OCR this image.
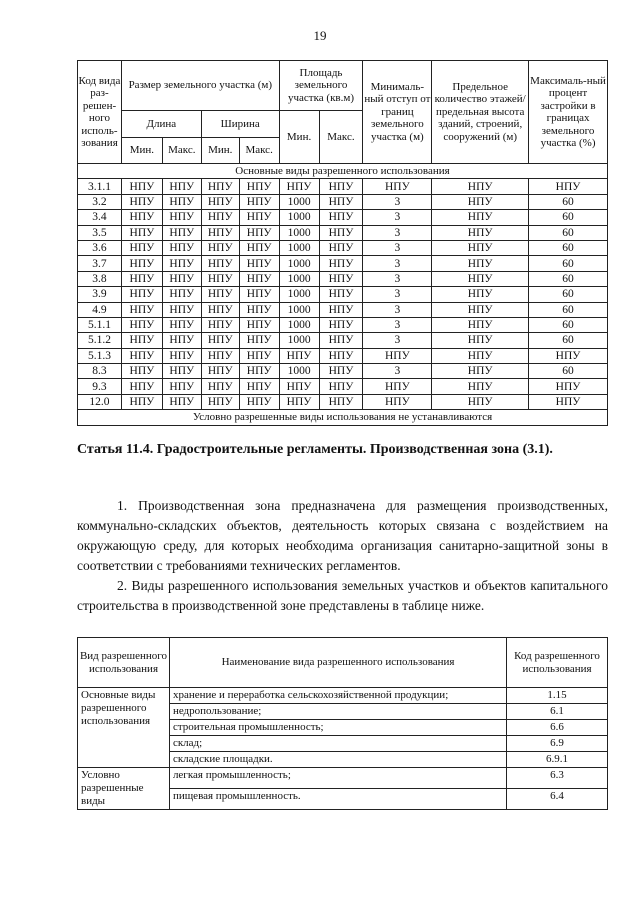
19
Код вида раз-решен-ного исполь-зования	Размер земельного участка (м)				Площадь земельного участка (кв.м)		Минималь-ный отступ от границ земельного участка (м)	Предельное количество этажей/ предельная высота зданий, строений, сооружений (м)	Максималь-ный процент застройки в границах земельного участка (%)
	Длина		Ширина		Мин.	Макс.			
	Мин.	Макс.	Мин.	Макс.					
Основные виды разрешенного использования									
3.1.1	НПУ	НПУ	НПУ	НПУ	НПУ	НПУ	НПУ	НПУ	НПУ
3.2	НПУ	НПУ	НПУ	НПУ	1000	НПУ	3	НПУ	60
3.4	НПУ	НПУ	НПУ	НПУ	1000	НПУ	3	НПУ	60
3.5	НПУ	НПУ	НПУ	НПУ	1000	НПУ	3	НПУ	60
3.6	НПУ	НПУ	НПУ	НПУ	1000	НПУ	3	НПУ	60
3.7	НПУ	НПУ	НПУ	НПУ	1000	НПУ	3	НПУ	60
3.8	НПУ	НПУ	НПУ	НПУ	1000	НПУ	3	НПУ	60
3.9	НПУ	НПУ	НПУ	НПУ	1000	НПУ	3	НПУ	60
4.9	НПУ	НПУ	НПУ	НПУ	1000	НПУ	3	НПУ	60
5.1.1	НПУ	НПУ	НПУ	НПУ	1000	НПУ	3	НПУ	60
5.1.2	НПУ	НПУ	НПУ	НПУ	1000	НПУ	3	НПУ	60
5.1.3	НПУ	НПУ	НПУ	НПУ	НПУ	НПУ	НПУ	НПУ	НПУ
8.3	НПУ	НПУ	НПУ	НПУ	1000	НПУ	3	НПУ	60
9.3	НПУ	НПУ	НПУ	НПУ	НПУ	НПУ	НПУ	НПУ	НПУ
12.0	НПУ	НПУ	НПУ	НПУ	НПУ	НПУ	НПУ	НПУ	НПУ
Условно разрешенные виды использования не устанавливаются									
Статья 11.4. Градостроительные регламенты. Производственная зона (3.1).
1. Производственная зона предназначена для размещения производственных, коммунально-складских объектов, деятельность которых связана с воздействием на окружающую среду, для которых необходима организация санитарно-защитной зоны в соответствии с требованиями технических регламентов.
2. Виды разрешенного использования земельных участков и объектов капитального строительства в производственной зоне представлены в таблице ниже.
Вид разрешенного использования	Наименование вида разрешенного использования	Код разрешенного использования
Основные виды разрешенного использования	хранение и переработка сельскохозяйственной продукции;	1.15
	недропользование;	6.1
	строительная промышленность;	6.6
	склад;	6.9
	складские площадки.	6.9.1
Условно разрешенные виды	легкая промышленность;	6.3
	пищевая промышленность.	6.4
